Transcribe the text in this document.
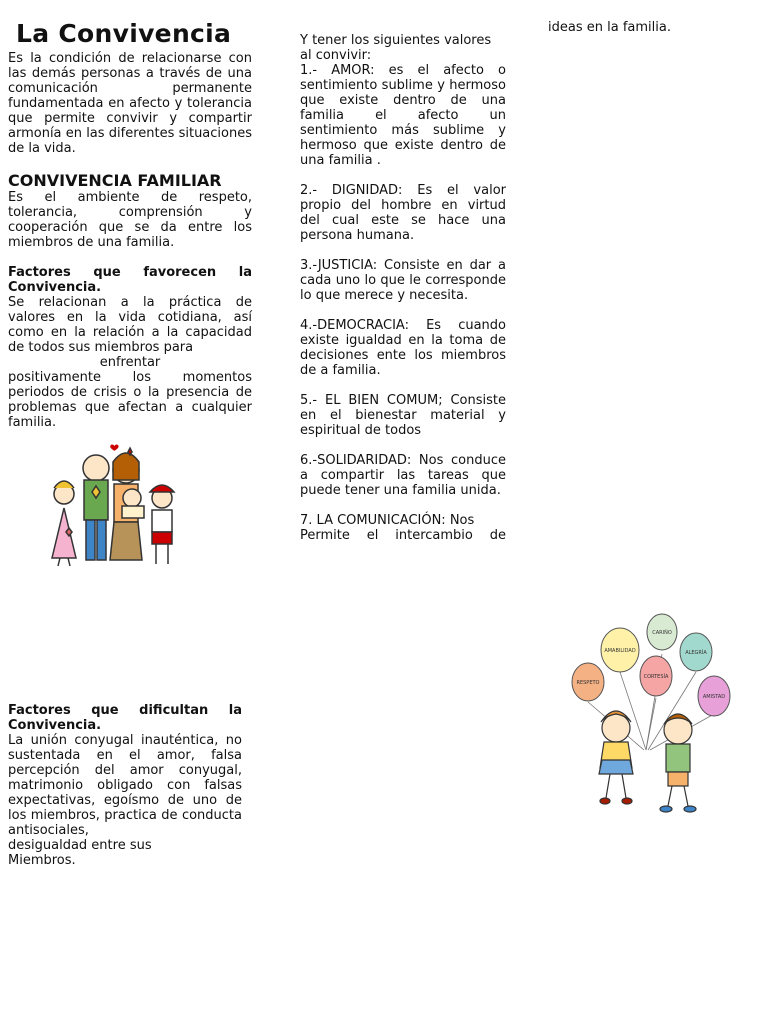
La Convivencia

Es la condición de relacionarse con las demás personas a través de una comunicación permanente fundamentada en afecto y tolerancia que permite convivir y compartir armonía en las diferentes situaciones de la vida.

CONVIVENCIA FAMILIAR

Es el ambiente de respeto, tolerancia, comprensión y cooperación que se da entre los miembros de una familia.

Factores que favorecen la Convivencia.

Se relacionan a la práctica de valores en la vida cotidiana, así como en la relación a la capacidad de todos sus miembros para

enfrentar

positivamente los momentos periodos de crisis o la presencia de problemas que afectan a cualquier familia.

Factores que dificultan la Convivencia.

La unión conyugal inauténtica, no sustentada en el amor, falsa percepción del amor conyugal, matrimonio obligado con falsas expectativas, egoísmo de uno de los miembros, practica de conducta antisociales,

desigualdad entre sus

Miembros.

Y tener los siguientes valores al convivir:

1.- AMOR: es el afecto o sentimiento sublime y hermoso que existe dentro de una familia el afecto un sentimiento más sublime y hermoso que existe dentro de una familia .

2.- DIGNIDAD: Es el valor propio del hombre en virtud del cual este se hace una persona humana.

3.-JUSTICIA: Consiste en dar a cada uno lo que le corresponde lo que merece y necesita.

4.-DEMOCRACIA: Es cuando existe igualdad en la toma de decisiones ente los miembros de a familia.

5.- EL BIEN COMUM; Consiste en el bienestar material y espiritual de todos

6.-SOLIDARIDAD: Nos conduce a compartir las tareas que puede tener una familia unida.

7. LA COMUNICACIÓN: Nos

Permite el intercambio de

ideas en la familia.

CARIÑO
AMABILIDAD	ALEGRÍA
RESPETO
CORTESÍA
AMISTAD
